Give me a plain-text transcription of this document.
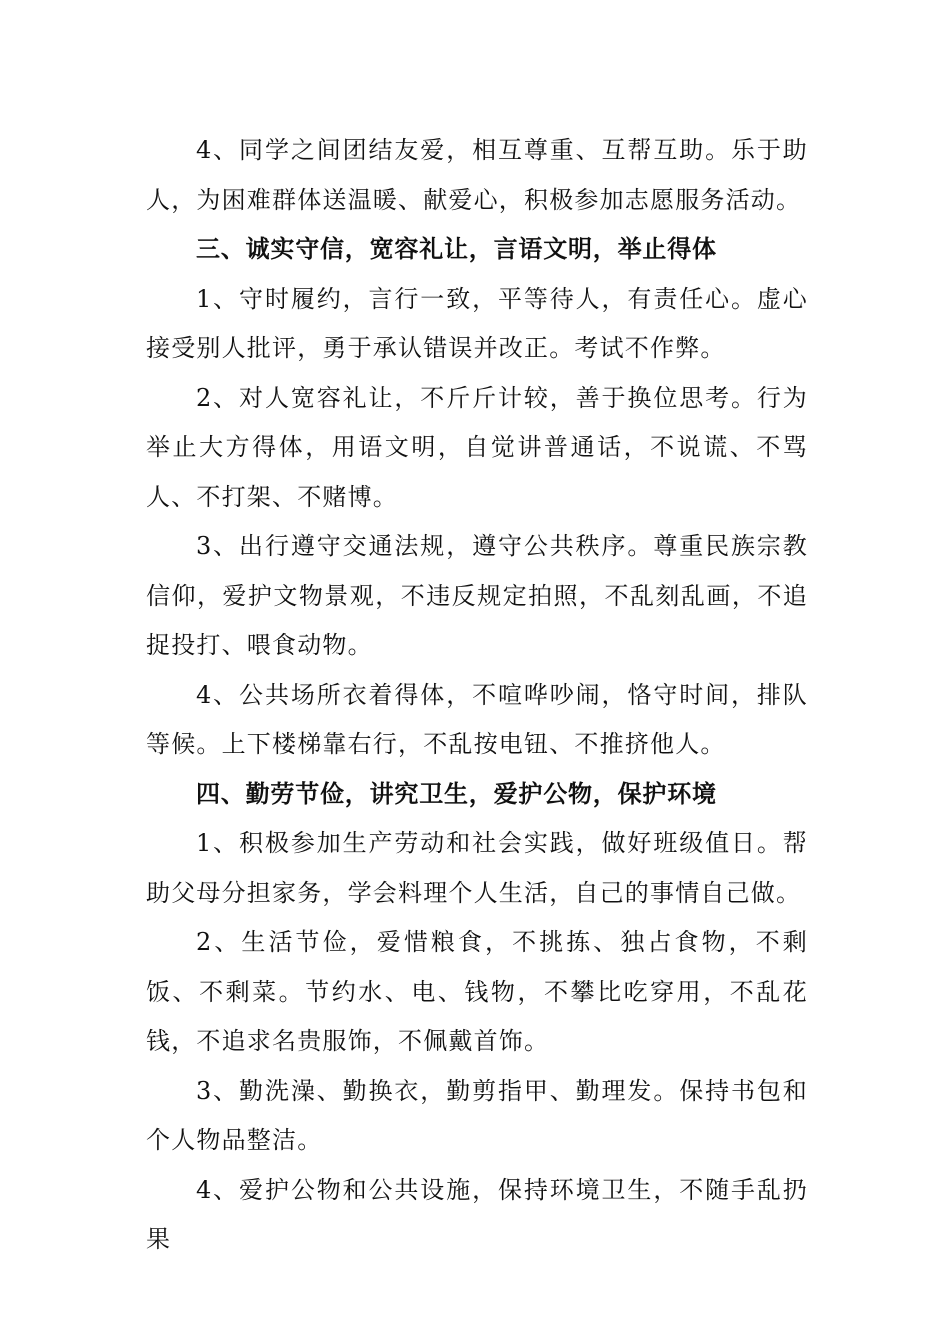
4、同学之间团结友爱，相互尊重、互帮互助。乐于助人，为困难群体送温暖、献爱心，积极参加志愿服务活动。

三、诚实守信，宽容礼让，言语文明，举止得体

1、守时履约，言行一致，平等待人，有责任心。虚心接受别人批评，勇于承认错误并改正。考试不作弊。

2、对人宽容礼让，不斤斤计较，善于换位思考。行为举止大方得体，用语文明，自觉讲普通话，不说谎、不骂人、不打架、不赌博。

3、出行遵守交通法规，遵守公共秩序。尊重民族宗教信仰，爱护文物景观，不违反规定拍照，不乱刻乱画，不追捉投打、喂食动物。

4、公共场所衣着得体，不喧哗吵闹，恪守时间，排队等候。上下楼梯靠右行，不乱按电钮、不推挤他人。

四、勤劳节俭，讲究卫生，爱护公物，保护环境

1、积极参加生产劳动和社会实践，做好班级值日。帮助父母分担家务，学会料理个人生活，自己的事情自己做。

2、生活节俭，爱惜粮食，不挑拣、独占食物，不剩饭、不剩菜。节约水、电、钱物，不攀比吃穿用，不乱花钱，不追求名贵服饰，不佩戴首饰。

3、勤洗澡、勤换衣，勤剪指甲、勤理发。保持书包和个人物品整洁。

4、爱护公物和公共设施，保持环境卫生，不随手乱扔果
